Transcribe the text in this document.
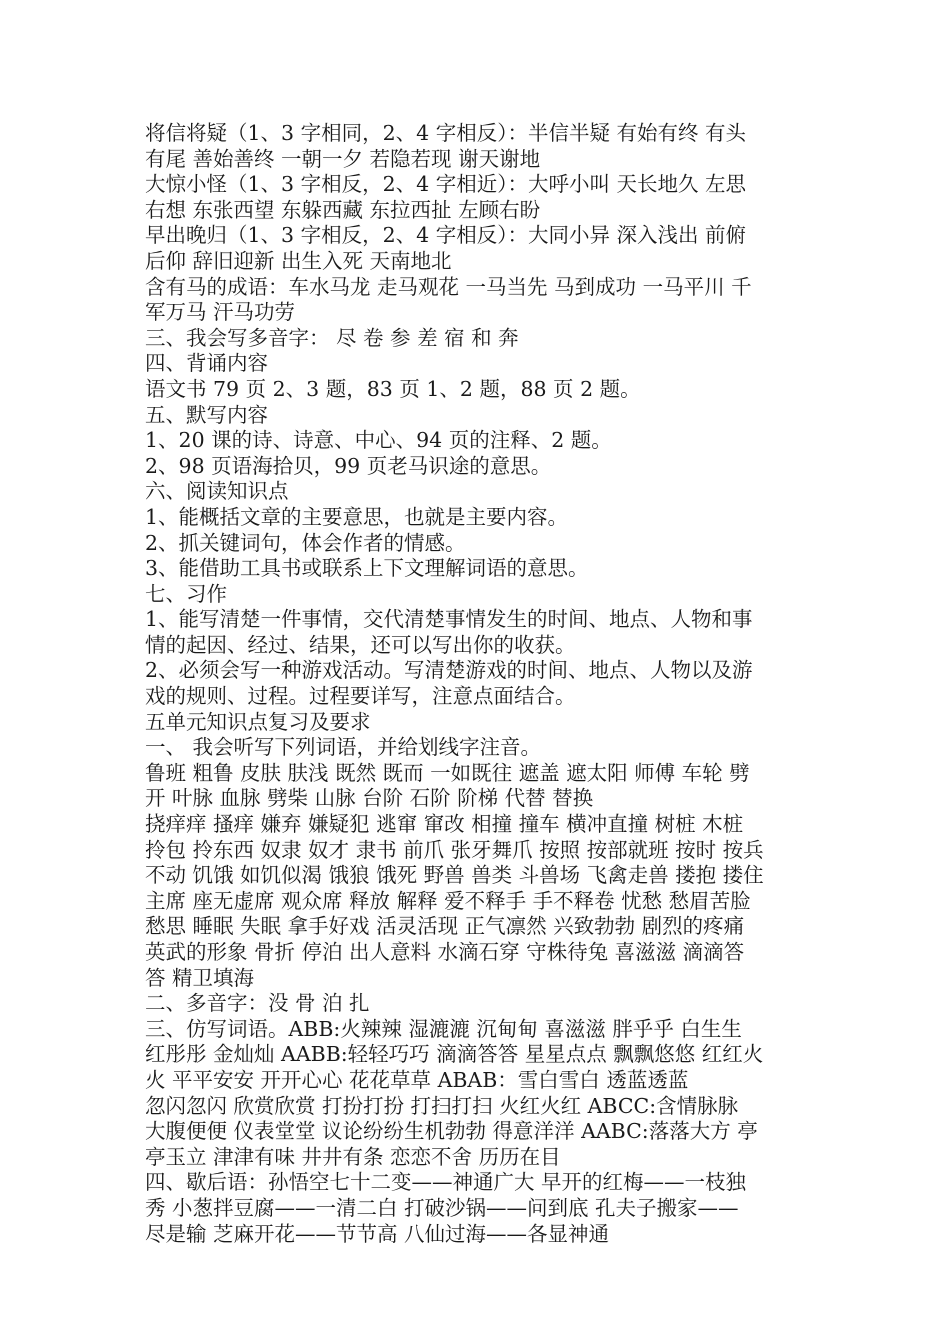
将信将疑（1、3 字相同，2、4 字相反）：半信半疑 有始有终 有头
有尾 善始善终 一朝一夕 若隐若现 谢天谢地
大惊小怪（1、3 字相反，2、4 字相近）：大呼小叫 天长地久 左思
右想 东张西望 东躲西藏 东拉西扯 左顾右盼
早出晚归（1、3 字相反，2、4 字相反）：大同小异 深入浅出 前俯
后仰 辞旧迎新 出生入死 天南地北
含有马的成语：车水马龙 走马观花 一马当先 马到成功 一马平川 千
军万马 汗马功劳
三、我会写多音字： 尽 卷 参 差 宿 和 奔
四、背诵内容
语文书 79 页 2、3 题，83 页 1、2 题，88 页 2 题。
五、默写内容
1、20 课的诗、诗意、中心、94 页的注释、2 题。
2、98 页语海拾贝，99 页老马识途的意思。
六、阅读知识点
1、能概括文章的主要意思，也就是主要内容。
2、抓关键词句，体会作者的情感。
3、能借助工具书或联系上下文理解词语的意思。
七、习作
1、能写清楚一件事情，交代清楚事情发生的时间、地点、人物和事
情的起因、经过、结果，还可以写出你的收获。
2、必须会写一种游戏活动。写清楚游戏的时间、地点、人物以及游
戏的规则、过程。过程要详写，注意点面结合。
五单元知识点复习及要求
一、 我会听写下列词语，并给划线字注音。
鲁班 粗鲁 皮肤 肤浅 既然 既而 一如既往 遮盖 遮太阳 师傅 车轮 劈
开 叶脉 血脉 劈柴 山脉 台阶 石阶 阶梯 代替 替换
挠痒痒 搔痒 嫌弃 嫌疑犯 逃窜 窜改 相撞 撞车 横冲直撞 树桩 木桩
拎包 拎东西 奴隶 奴才 隶书 前爪 张牙舞爪 按照 按部就班 按时 按兵
不动 饥饿 如饥似渴 饿狼 饿死 野兽 兽类 斗兽场 飞禽走兽 搂抱 搂住
主席 座无虚席 观众席 释放 解释 爱不释手 手不释卷 忧愁 愁眉苦脸
愁思 睡眠 失眠 拿手好戏 活灵活现 正气凛然 兴致勃勃 剧烈的疼痛
英武的形象 骨折 停泊 出人意料 水滴石穿 守株待兔 喜滋滋 滴滴答
答 精卫填海
二、多音字：没 骨 泊 扎
三、仿写词语。ABB:火辣辣 湿漉漉 沉甸甸 喜滋滋 胖乎乎 白生生
红彤彤 金灿灿 AABB:轻轻巧巧 滴滴答答 星星点点 飘飘悠悠 红红火
火 平平安安 开开心心 花花草草 ABAB：雪白雪白 透蓝透蓝
忽闪忽闪 欣赏欣赏 打扮打扮 打扫打扫 火红火红 ABCC:含情脉脉
大腹便便 仪表堂堂 议论纷纷生机勃勃 得意洋洋 AABC:落落大方 亭
亭玉立 津津有味 井井有条 恋恋不舍 历历在目
四、歇后语：孙悟空七十二变——神通广大 早开的红梅——一枝独
秀 小葱拌豆腐——一清二白 打破沙锅——问到底 孔夫子搬家——
尽是输 芝麻开花——节节高 八仙过海——各显神通
